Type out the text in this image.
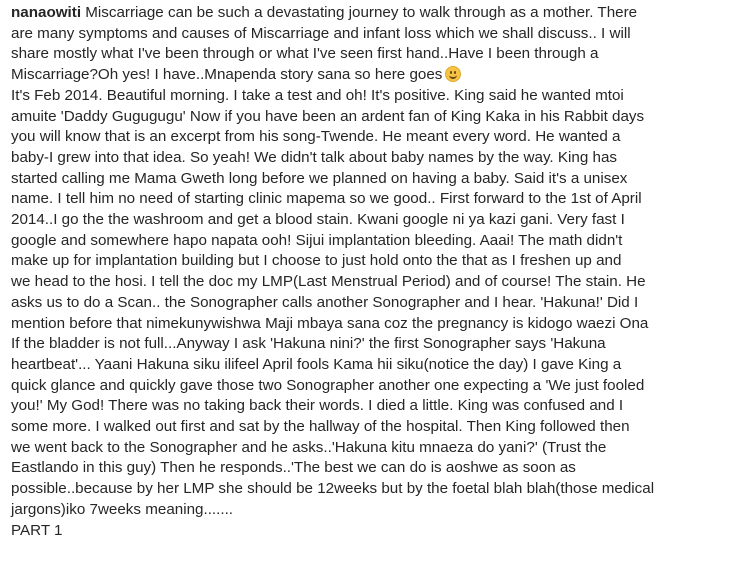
nanaowiti Miscarriage can be such a devastating journey to walk through as a mother. There
are many symptoms and causes of Miscarriage and infant loss which we shall discuss.. I will
share mostly what I've been through or what I've seen first hand..Have I been through a
Miscarriage?Oh yes! I have..Mnapenda story sana so here goes
It's Feb 2014. Beautiful morning. I take a test and oh! It's positive. King said he wanted mtoi
amuite 'Daddy Gugugugu' Now if you have been an ardent fan of King Kaka in his Rabbit days
you will know that is an excerpt from his song-Twende. He meant every word. He wanted a
baby-I grew into that idea. So yeah! We didn't talk about baby names by the way. King has
started calling me Mama Gweth long before we planned on having a baby. Said it's a unisex
name. I tell him no need of starting clinic mapema so we good.. First forward to the 1st of April
2014..I go the the washroom and get a blood stain. Kwani google ni ya kazi gani. Very fast I
google and somewhere hapo napata ooh! Sijui implantation bleeding. Aaai! The math didn't
make up for implantation building but I choose to just hold onto the that as I freshen up and
we head to the hosi. I tell the doc my LMP(Last Menstrual Period) and of course! The stain. He
asks us to do a Scan.. the Sonographer calls another Sonographer and I hear. 'Hakuna!' Did I
mention before that nimekunywishwa Maji mbaya sana coz the pregnancy is kidogo waezi Ona
If the bladder is not full...Anyway I ask 'Hakuna nini?' the first Sonographer says 'Hakuna
heartbeat'... Yaani Hakuna siku ilifeel April fools Kama hii siku(notice the day) I gave King a
quick glance and quickly gave those two Sonographer another one expecting a 'We just fooled
you!' My God! There was no taking back their words. I died a little. King was confused and I
some more. I walked out first and sat by the hallway of the hospital. Then King followed then
we went back to the Sonographer and he asks..'Hakuna kitu mnaeza do yani?' (Trust the
Eastlando in this guy) Then he responds..'The best we can do is aoshwe as soon as
possible..because by her LMP she should be 12weeks but by the foetal blah blah(those medical
jargons)iko 7weeks meaning.......
PART 1
